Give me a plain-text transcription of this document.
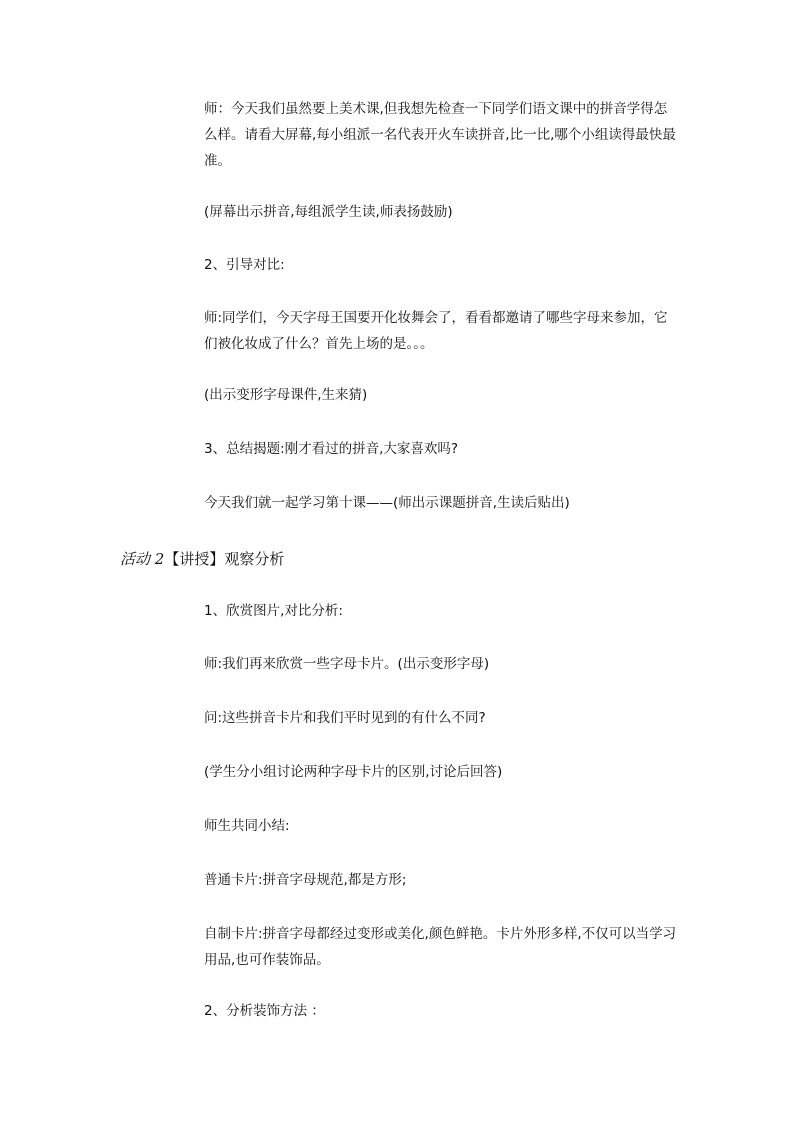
师：今天我们虽然要上美术课,但我想先检查一下同学们语文课中的拼音学得怎么样。请看大屏幕,每小组派一名代表开火车读拼音,比一比,哪个小组读得最快最准。
(屏幕出示拼音,每组派学生读,师表扬鼓励)
2、引导对比:
师:同学们，今天字母王国要开化妆舞会了，看看都邀请了哪些字母来参加，它们被化妆成了什么？首先上场的是。。。
(出示变形字母课件,生来猜)
3、总结揭题:刚才看过的拼音,大家喜欢吗?
今天我们就一起学习第十课——(师出示课题拼音,生读后贴出)
活动 2【讲授】观察分析
1、欣赏图片,对比分析:
师:我们再来欣赏一些字母卡片。(出示变形字母)
问:这些拼音卡片和我们平时见到的有什么不同?
(学生分小组讨论两种字母卡片的区别,讨论后回答)
师生共同小结:
普通卡片:拼音字母规范,都是方形;
自制卡片:拼音字母都经过变形或美化,颜色鲜艳。卡片外形多样,不仅可以当学习用品,也可作装饰品。
2、分析装饰方法 ：
